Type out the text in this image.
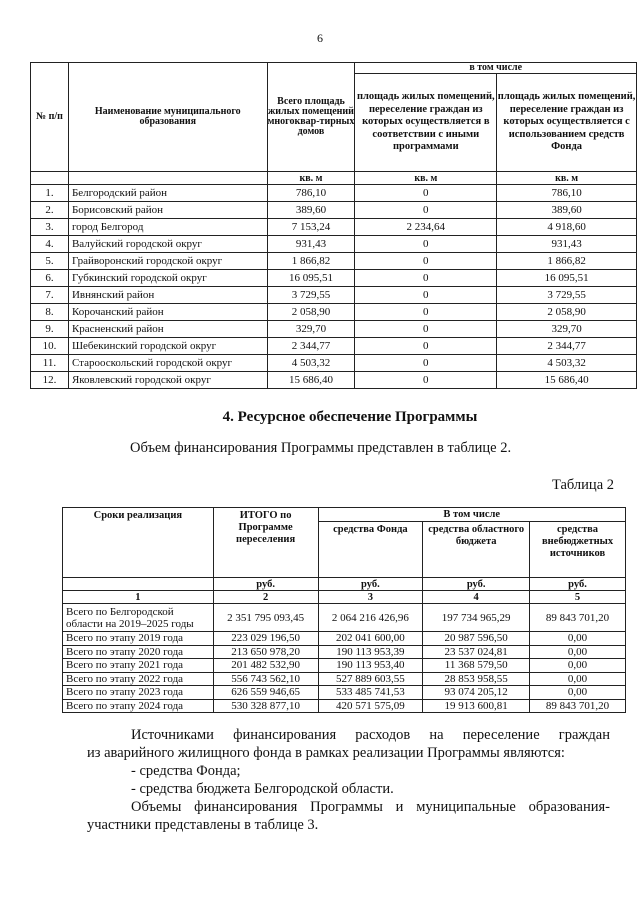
6
№ п/п	Наименование муниципального образования	Всего площадь жилых помещений многоквар-тирных домов	в том числе	
			площадь жилых помещений, переселение граждан из которых осуществляется в соответствии с иными программами	площадь жилых помещений, переселение граждан из которых осуществляется с использованием средств Фонда
		кв. м	кв. м	кв. м
1.	Белгородский район	786,10	0	786,10
2.	Борисовский район	389,60	0	389,60
3.	город Белгород	7 153,24	2 234,64	4 918,60
4.	Валуйский городской округ	931,43	0	931,43
5.	Грайворонский городской округ	1 866,82	0	1 866,82
6.	Губкинский городской округ	16 095,51	0	16 095,51
7.	Ивнянский район	3 729,55	0	3 729,55
8.	Корочанский район	2 058,90	0	2 058,90
9.	Красненский район	329,70	0	329,70
10.	Шебекинский городской округ	2 344,77	0	2 344,77
11.	Старооскольский городской округ	4 503,32	0	4 503,32
12.	Яковлевский городской округ	15 686,40	0	15 686,40
4. Ресурсное обеспечение Программы
Объем финансирования Программы представлен в таблице 2.
Таблица 2
Сроки реализация	ИТОГО по Программе переселения	В том числе		
		средства Фонда	средства областного бюджета	средства внебюджетных источников
	руб.	руб.	руб.	руб.
1	2	3	4	5
Всего по Белгородской области на 2019–2025 годы	2 351 795 093,45	2 064 216 426,96	197 734 965,29	89 843 701,20
Всего по этапу 2019 года	223 029 196,50	202 041 600,00	20 987 596,50	0,00
Всего по этапу 2020 года	213 650 978,20	190 113 953,39	23 537 024,81	0,00
Всего по этапу 2021 года	201 482 532,90	190 113 953,40	11 368 579,50	0,00
Всего по этапу 2022 года	556 743 562,10	527 889 603,55	28 853 958,55	0,00
Всего по этапу 2023 года	626 559 946,65	533 485 741,53	93 074 205,12	0,00
Всего по этапу 2024 года	530 328 877,10	420 571 575,09	19 913 600,81	89 843 701,20
Источниками финансирования расходов на переселение граждан
из аварийного жилищного фонда в рамках реализации Программы являются:
- средства Фонда;
- средства бюджета Белгородской области.
Объемы финансирования Программы и муниципальные образования-
участники представлены в таблице 3.
